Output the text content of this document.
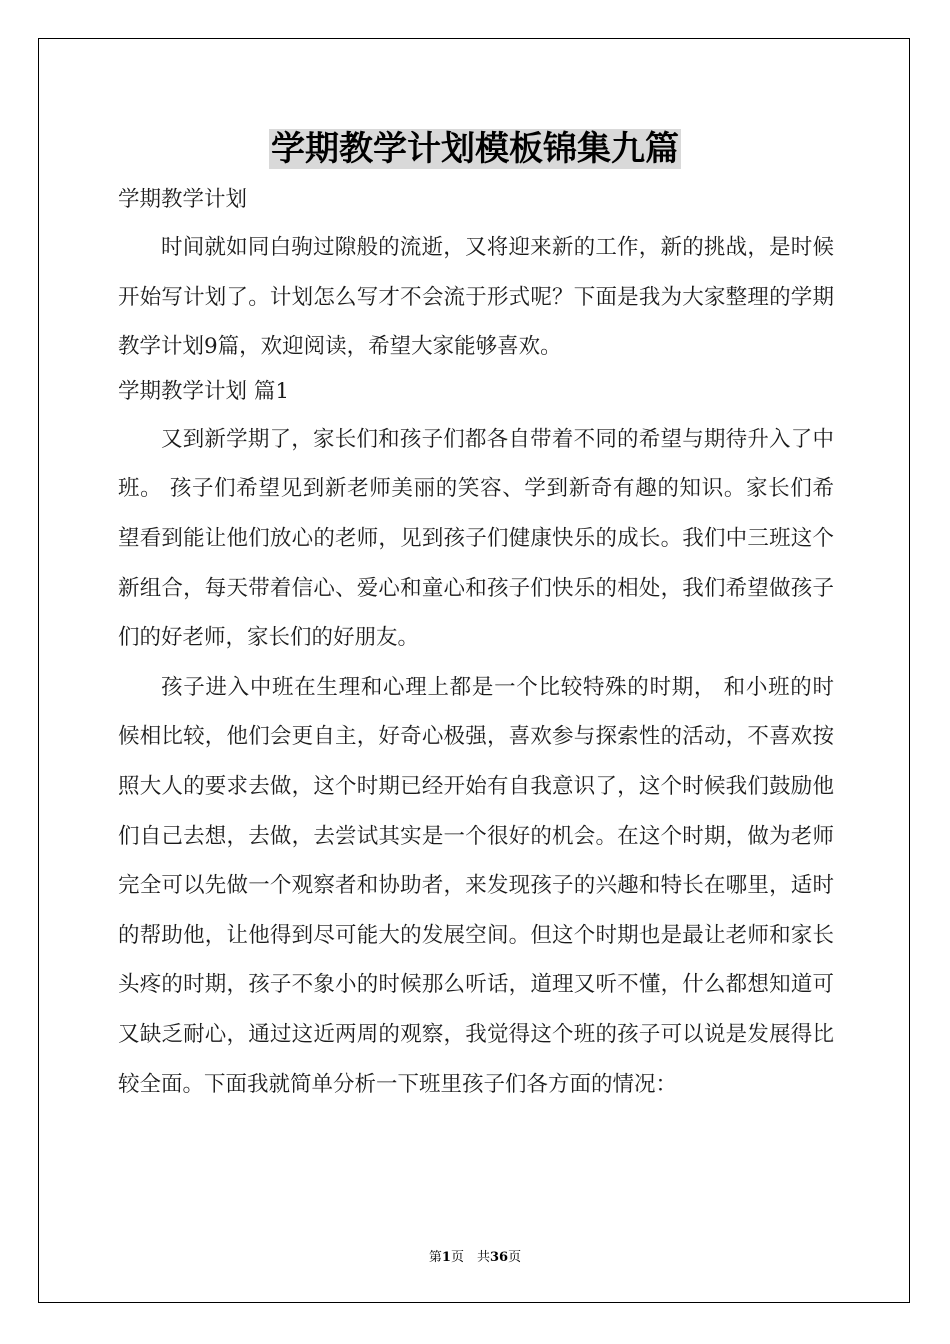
学期教学计划模板锦集九篇
学期教学计划

时间就如同白驹过隙般的流逝，又将迎来新的工作，新的挑战，是时候开始写计划了。计划怎么写才不会流于形式呢？下面是我为大家整理的学期教学计划9篇，欢迎阅读，希望大家能够喜欢。

学期教学计划 篇1

又到新学期了，家长们和孩子们都各自带着不同的希望与期待升入了中班。 孩子们希望见到新老师美丽的笑容、学到新奇有趣的知识。家长们希望看到能让他们放心的老师，见到孩子们健康快乐的成长。我们中三班这个新组合，每天带着信心、爱心和童心和孩子们快乐的相处，我们希望做孩子们的好老师，家长们的好朋友。

孩子进入中班在生理和心理上都是一个比较特殊的时期， 和小班的时候相比较，他们会更自主，好奇心极强，喜欢参与探索性的活动，不喜欢按照大人的要求去做，这个时期已经开始有自我意识了，这个时候我们鼓励他们自己去想，去做，去尝试其实是一个很好的机会。在这个时期，做为老师完全可以先做一个观察者和协助者，来发现孩子的兴趣和特长在哪里，适时的帮助他，让他得到尽可能大的发展空间。但这个时期也是最让老师和家长头疼的时期，孩子不象小的时候那么听话，道理又听不懂，什么都想知道可又缺乏耐心，通过这近两周的观察，我觉得这个班的孩子可以说是发展得比较全面。下面我就简单分析一下班里孩子们各方面的情况：

第1页　共36页
